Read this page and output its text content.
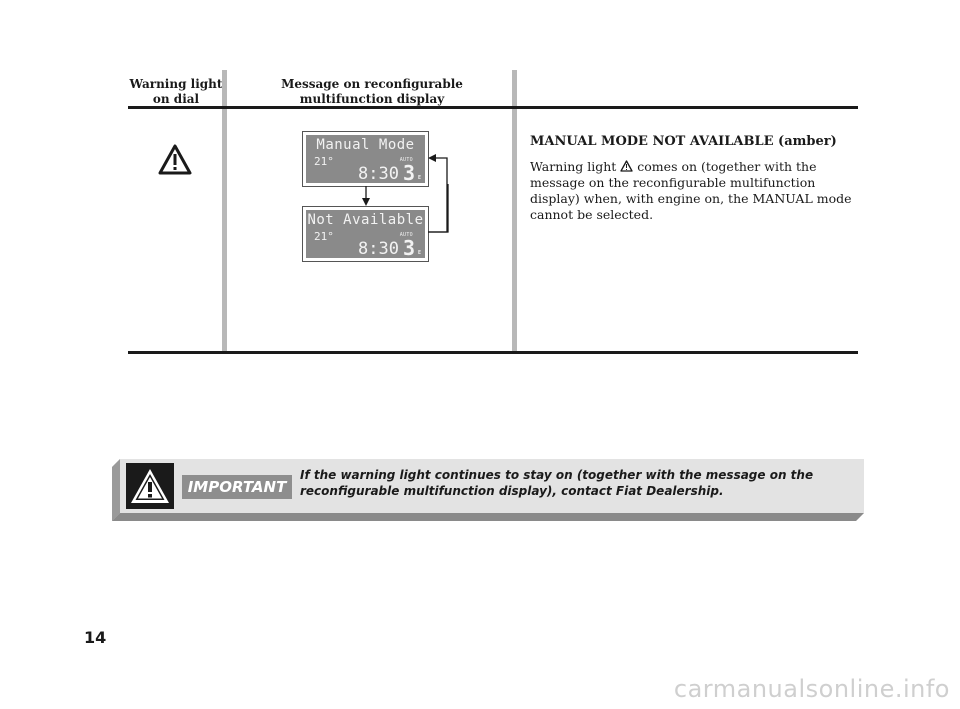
Warning light
on dial
Message on reconfigurable
multifunction display
Manual Mode
21°	AUTO
8:30 3 E
Not Available
21°	AUTO
8:30 3 E
MANUAL MODE NOT AVAILABLE (amber)
Warning light  comes on (together with the message on the reconfigurable multifunction display) when, with engine on, the MANUAL mode cannot be selected.
IMPORTANT
If the warning light continues to stay on (together with the message on the reconfigurable multifunction display), contact Fiat Dealership.
14
carmanualsonline.info
